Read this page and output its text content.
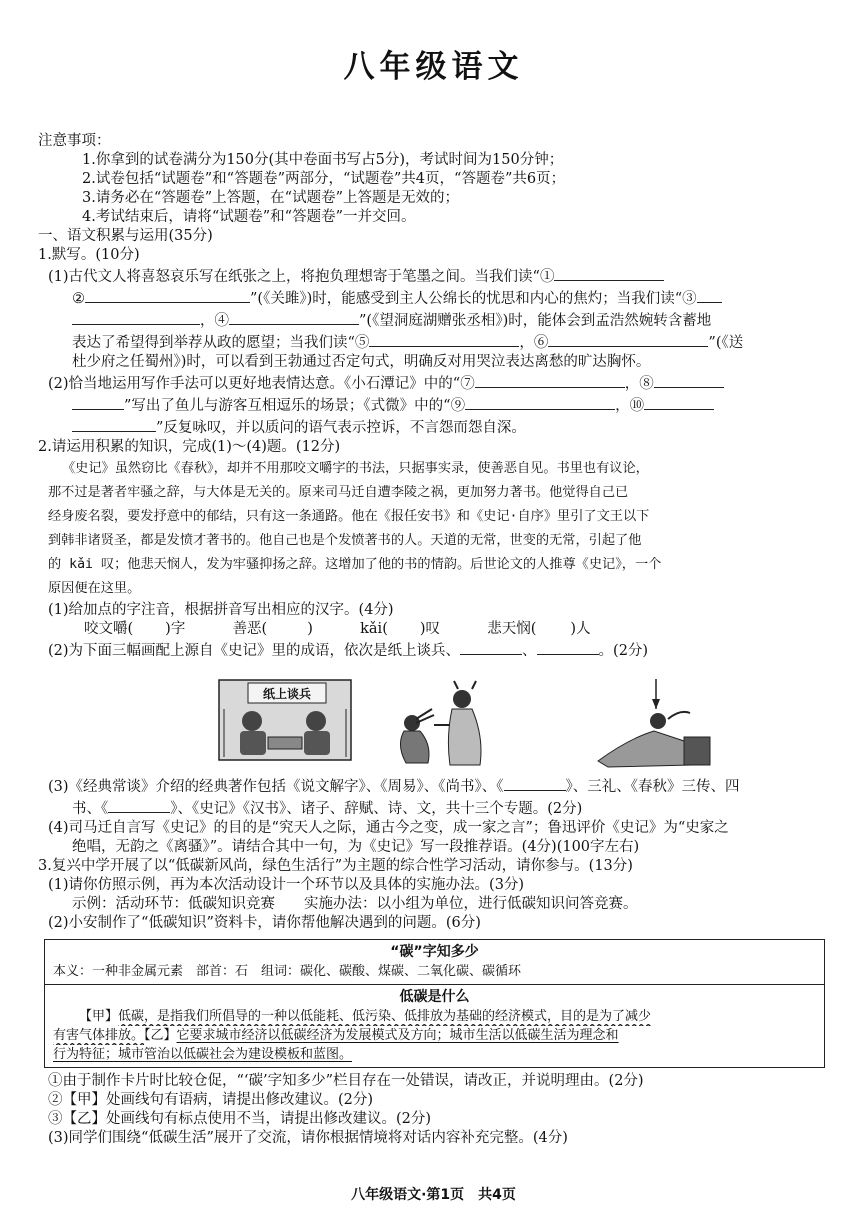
八年级语文
注意事项：
1.你拿到的试卷满分为150分(其中卷面书写占5分)，考试时间为150分钟；
2.试卷包括“试题卷”和“答题卷”两部分，“试题卷”共4页，“答题卷”共6页；
3.请务必在“答题卷”上答题，在“试题卷”上答题是无效的；
4.考试结束后，请将“试题卷”和“答题卷”一并交回。
一、语文积累与运用(35分)
1.默写。(10分)
(1)古代文人将喜怒哀乐写在纸张之上，将抱负理想寄于笔墨之间。当我们读“①
②	”(《关雎》)时，能感受到主人公绵长的忧思和内心的焦灼；当我们读“③
，④	”(《望洞庭湖赠张丞相》)时，能体会到孟浩然婉转含蓄地
表达了希望得到举荐从政的愿望；当我们读“⑤	，⑥	”(《送
杜少府之任蜀州》)时，可以看到王勃通过否定句式，明确反对用哭泣表达离愁的旷达胸怀。
(2)恰当地运用写作手法可以更好地表情达意。《小石潭记》中的“⑦	，⑧
”写出了鱼儿与游客互相逗乐的场景；《式微》中的“⑨	，⑩
”反复咏叹，并以质问的语气表示控诉，不言怨而怨自深。
2.请运用积累的知识，完成(1)～(4)题。(12分)
《史记》虽然窃比《春秋》，却并不用那咬文嚼字的书法，只据事实录，使善恶自见。书里也有议论，
那不过是著者牢骚之辞，与大体是无关的。原来司马迁自遭李陵之祸，更加努力著书。他觉得自己已
经身废名裂，要发抒意中的郁结，只有这一条通路。他在《报任安书》和《史记·自序》里引了文王以下
到韩非诸贤圣，都是发愤才著书的。他自己也是个发愤著书的人。天道的无常，世变的无常，引起了他
的 kǎi 叹；他悲天悯人，发为牢骚抑扬之辞。这增加了他的书的情韵。后世论文的人推尊《史记》，一个
原因便在这里。
(1)给加点的字注音，根据拼音写出相应的汉字。(4分)
咬文嚼( )字	善恶(	)	kǎi( )叹	悲天悯( )人
(2)为下面三幅画配上源自《史记》里的成语，依次是纸上谈兵、	、	。(2分)
纸上谈兵
(3)《经典常谈》介绍的经典著作包括《说文解字》、《周易》、《尚书》、《	》、三礼、《春秋》三传、四
书、《	》、《史记》《汉书》、诸子、辞赋、诗、文，共十三个专题。(2分)
(4)司马迁自言写《史记》的目的是“究天人之际，通古今之变，成一家之言”；鲁迅评价《史记》为“史家之
绝唱，无韵之《离骚》”。请结合其中一句，为《史记》写一段推荐语。(4分)(100字左右)
3.复兴中学开展了以“低碳新风尚，绿色生活行”为主题的综合性学习活动，请你参与。(13分)
(1)请你仿照示例，再为本次活动设计一个环节以及具体的实施办法。(3分)
示例：活动环节：低碳知识竞赛　　实施办法：以小组为单位，进行低碳知识问答竞赛。
(2)小安制作了“低碳知识”资料卡，请你帮他解决遇到的问题。(6分)
“碳”字知多少

本义：一种非金属元素　部首：石　组词：碳化、碳酸、煤碳、二氧化碳、碳循环

低碳是什么

【甲】低碳，是指我们所倡导的一种以低能耗、低污染、低排放为基础的经济模式，目的是为了减少

有害气体排放。【乙】它要求城市经济以低碳经济为发展模式及方向；城市生活以低碳生活为理念和

行为特征；城市管治以低碳社会为建设模板和蓝图。

①由于制作卡片时比较仓促，“‘碳’字知多少”栏目存在一处错误，请改正，并说明理由。(2分)
②【甲】处画线句有语病，请提出修改建议。(2分)
③【乙】处画线句有标点使用不当，请提出修改建议。(2分)
(3)同学们围绕“低碳生活”展开了交流，请你根据情境将对话内容补充完整。(4分)
八年级语文·第1页　共4页
